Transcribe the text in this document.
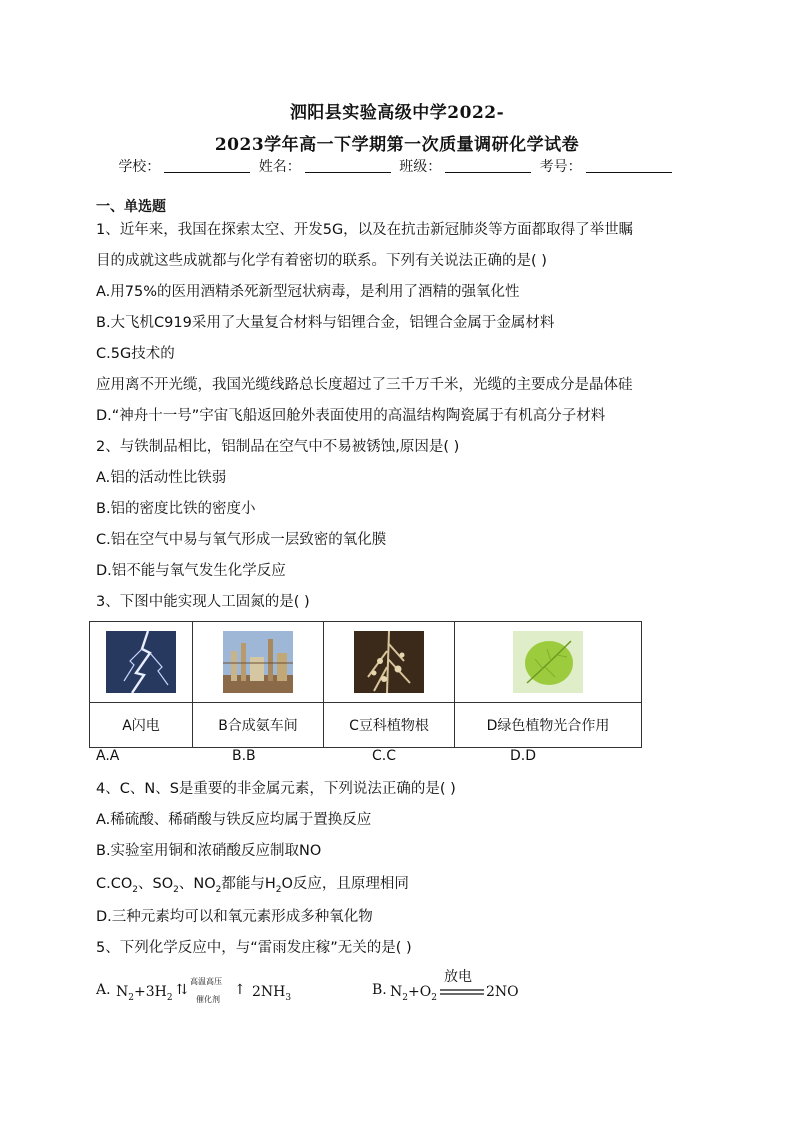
泗阳县实验高级中学2022-
2023学年高一下学期第一次质量调研化学试卷
学校：	姓名：	班级：	考号：
一、单选题
1、近年来，我国在探索太空、开发5G，以及在抗击新冠肺炎等方面都取得了举世瞩
目的成就这些成就都与化学有着密切的联系。下列有关说法正确的是( )
A.用75%的医用酒精杀死新型冠状病毒，是利用了酒精的强氧化性
B.大飞机C919采用了大量复合材料与铝锂合金，铝锂合金属于金属材料
C.5G技术的
应用离不开光缆，我国光缆线路总长度超过了三千万千米，光缆的主要成分是晶体硅
D.“神舟十一号”宇宙飞船返回舱外表面使用的高温结构陶瓷属于有机高分子材料
2、与铁制品相比，铝制品在空气中不易被锈蚀,原因是( )
A.铝的活动性比铁弱
B.铝的密度比铁的密度小
C.铝在空气中易与氧气形成一层致密的氧化膜
D.铝不能与氧气发生化学反应
3、下图中能实现人工固氮的是( )

A闪电	B合成氨车间	C豆科植物根	D绿色植物光合作用
A.A	B.B	C.C	D.D
4、C、N、S是重要的非金属元素，下列说法正确的是( )
A.稀硫酸、稀硝酸与铁反应均属于置换反应
B.实验室用铜和浓硝酸反应制取NO
$C.CO_2$、$SO_2$、$NO_2$都能与$H_2O$反应，且原理相同
D.三种元素均可以和氧元素形成多种氧化物
5、下列化学反应中，与“雷雨发庄稼”无关的是( )
A. $N_2+3H_2$ ⇅
高温高压
催化剂
↑ $2NH_3$	B. $N_2+O_2$
放电
2NO
